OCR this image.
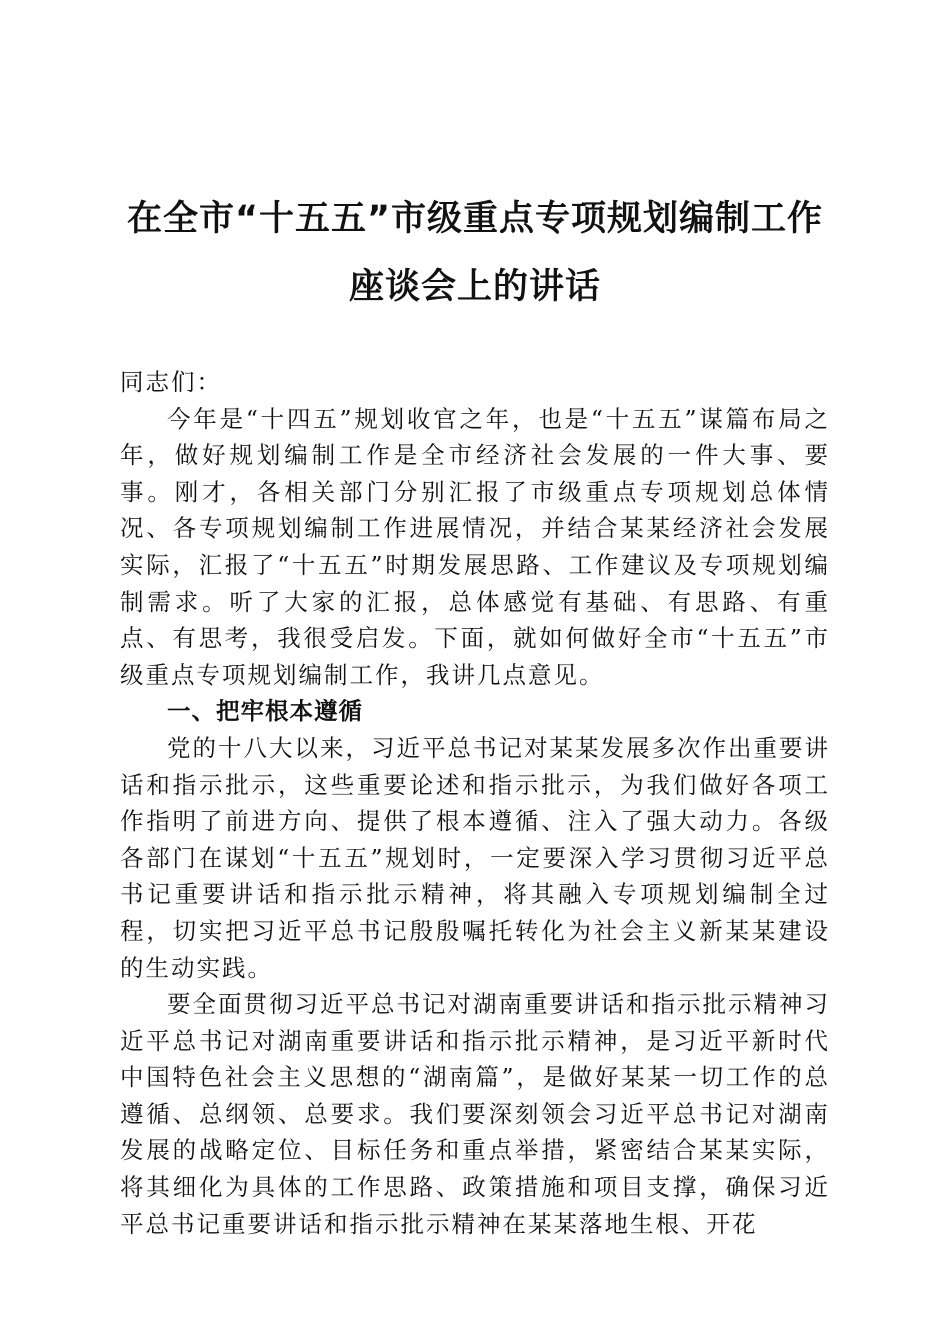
在全市“十五五”市级重点专项规划编制工作
座谈会上的讲话

同志们：

今年是“十四五”规划收官之年，也是“十五五”谋篇布局之年，做好规划编制工作是全市经济社会发展的一件大事、要事。刚才，各相关部门分别汇报了市级重点专项规划总体情况、各专项规划编制工作进展情况，并结合某某经济社会发展实际，汇报了“十五五”时期发展思路、工作建议及专项规划编制需求。听了大家的汇报，总体感觉有基础、有思路、有重点、有思考，我很受启发。下面，就如何做好全市“十五五”市级重点专项规划编制工作，我讲几点意见。

一、把牢根本遵循

党的十八大以来，习近平总书记对某某发展多次作出重要讲话和指示批示，这些重要论述和指示批示，为我们做好各项工作指明了前进方向、提供了根本遵循、注入了强大动力。各级各部门在谋划“十五五”规划时，一定要深入学习贯彻习近平总书记重要讲话和指示批示精神，将其融入专项规划编制全过程，切实把习近平总书记殷殷嘱托转化为社会主义新某某建设的生动实践。

要全面贯彻习近平总书记对湖南重要讲话和指示批示精神习近平总书记对湖南重要讲话和指示批示精神，是习近平新时代中国特色社会主义思想的“湖南篇”，是做好某某一切工作的总遵循、总纲领、总要求。我们要深刻领会习近平总书记对湖南发展的战略定位、目标任务和重点举措，紧密结合某某实际，将其细化为具体的工作思路、政策措施和项目支撑，确保习近平总书记重要讲话和指示批示精神在某某落地生根、开花
